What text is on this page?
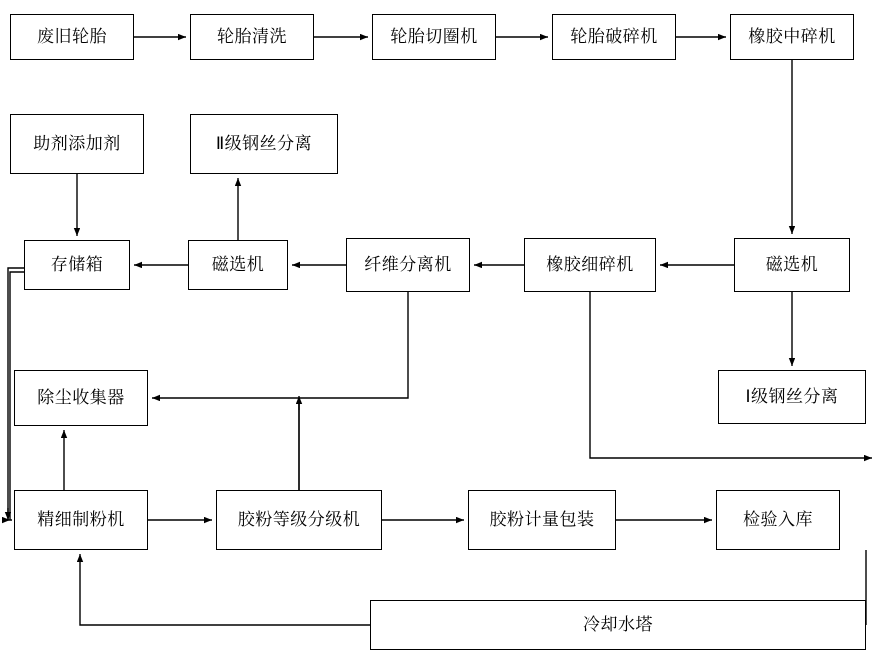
废旧轮胎	轮胎清洗	轮胎切圈机	轮胎破碎机	橡胶中碎机
助剂添加剂	Ⅱ级钢丝分离
存储箱	磁选机	纤维分离机	橡胶细碎机	磁选机
Ⅰ级钢丝分离
除尘收集器
精细制粉机	胶粉等级分级机	胶粉计量包装	检验入库
冷却水塔
